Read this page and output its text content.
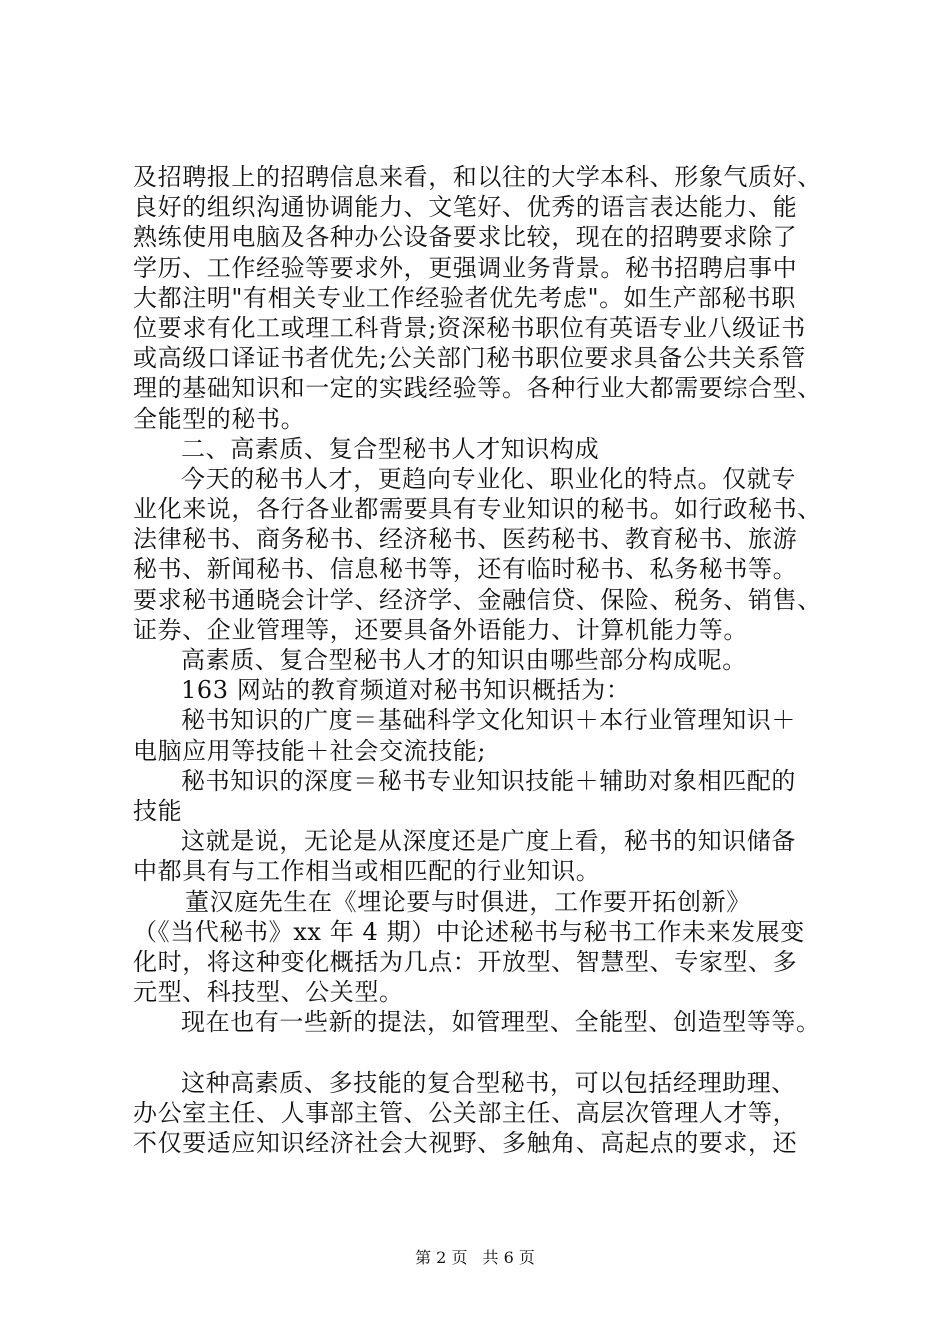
及招聘报上的招聘信息来看，和以往的大学本科、形象气质好、
良好的组织沟通协调能力、文笔好、优秀的语言表达能力、能
熟练使用电脑及各种办公设备要求比较，现在的招聘要求除了
学历、工作经验等要求外，更强调业务背景。秘书招聘启事中
大都注明"有相关专业工作经验者优先考虑"。如生产部秘书职
位要求有化工或理工科背景;资深秘书职位有英语专业八级证书
或高级口译证书者优先;公关部门秘书职位要求具备公共关系管
理的基础知识和一定的实践经验等。各种行业大都需要综合型、
全能型的秘书。
二、高素质、复合型秘书人才知识构成
今天的秘书人才，更趋向专业化、职业化的特点。仅就专
业化来说，各行各业都需要具有专业知识的秘书。如行政秘书、
法律秘书、商务秘书、经济秘书、医药秘书、教育秘书、旅游
秘书、新闻秘书、信息秘书等，还有临时秘书、私务秘书等。
要求秘书通晓会计学、经济学、金融信贷、保险、税务、销售、
证券、企业管理等，还要具备外语能力、计算机能力等。
高素质、复合型秘书人才的知识由哪些部分构成呢。
163 网站的教育频道对秘书知识概括为：
秘书知识的广度＝基础科学文化知识＋本行业管理知识＋
电脑应用等技能＋社会交流技能;
秘书知识的深度＝秘书专业知识技能＋辅助对象相匹配的
技能
这就是说，无论是从深度还是广度上看，秘书的知识储备
中都具有与工作相当或相匹配的行业知识。
董汉庭先生在《埋论要与时俱进，工作要开拓创新》
（《当代秘书》xx 年 4 期）中论述秘书与秘书工作未来发展变
化时，将这种变化概括为几点：开放型、智慧型、专家型、多
元型、科技型、公关型。
现在也有一些新的提法，如管理型、全能型、创造型等等。
这种高素质、多技能的复合型秘书，可以包括经理助理、
办公室主任、人事部主管、公关部主任、高层次管理人才等，
不仅要适应知识经济社会大视野、多触角、高起点的要求，还
第 2 页 共 6 页
